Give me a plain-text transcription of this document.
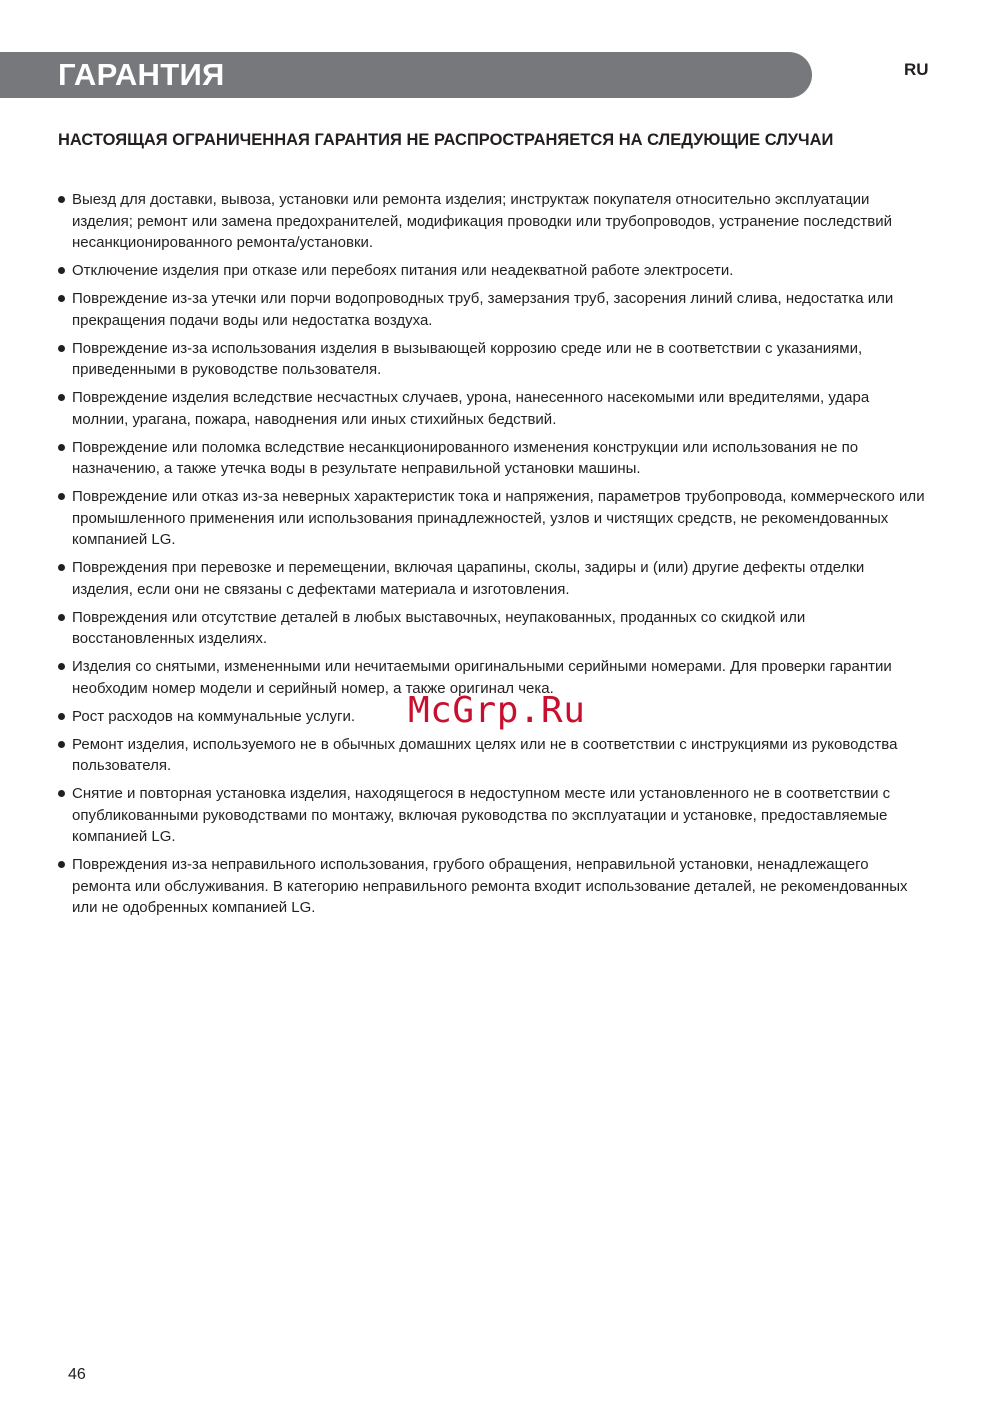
ГАРАНТИЯ	RU
НАСТОЯЩАЯ ОГРАНИЧЕННАЯ ГАРАНТИЯ НЕ РАСПРОСТРАНЯЕТСЯ НА СЛЕДУЮЩИЕ СЛУЧАИ
Выезд для доставки, вывоза, установки или ремонта изделия; инструктаж покупателя относительно эксплуатации изделия; ремонт или замена предохранителей, модификация проводки или трубопроводов, устранение последствий несанкционированного ремонта/установки.
Отключение изделия при отказе или перебоях питания или неадекватной работе электросети.
Повреждение из-за утечки или порчи водопроводных труб, замерзания труб, засорения линий слива, недостатка или прекращения подачи воды или недостатка воздуха.
Повреждение из-за использования изделия в вызывающей коррозию среде или не в соответствии с указаниями, приведенными в руководстве пользователя.
Повреждение изделия вследствие несчастных случаев, урона, нанесенного насекомыми или вредителями, удара молнии, урагана, пожара, наводнения или иных стихийных бедствий.
Повреждение или поломка вследствие несанкционированного изменения конструкции или использования не по назначению, а также утечка воды в результате неправильной установки машины.
Повреждение или отказ из-за неверных характеристик тока и напряжения, параметров трубопровода, коммерческого или промышленного применения или использования принадлежностей, узлов и чистящих средств, не рекомендованных компанией LG.
Повреждения при перевозке и перемещении, включая царапины, сколы, задиры и (или) другие дефекты отделки изделия, если они не связаны с дефектами материала и изготовления.
Повреждения или отсутствие деталей в любых выставочных, неупакованных, проданных со скидкой или восстановленных изделиях.
Изделия со снятыми, измененными или нечитаемыми оригинальными серийными номерами. Для проверки гарантии необходим номер модели и серийный номер, а также оригинал чека.
Рост расходов на коммунальные услуги.
Ремонт изделия, используемого не в обычных домашних целях или не в соответствии с инструкциями из руководства пользователя.
Снятие и повторная установка изделия, находящегося в недоступном месте или установленного не в соответствии с опубликованными руководствами по монтажу, включая руководства по эксплуатации и установке, предоставляемые компанией LG.
Повреждения из-за неправильного использования, грубого обращения, неправильной установки, ненадлежащего ремонта или обслуживания. В категорию неправильного ремонта входит использование деталей, не рекомендованных или не одобренных компанией LG.
McGrp.Ru
46
